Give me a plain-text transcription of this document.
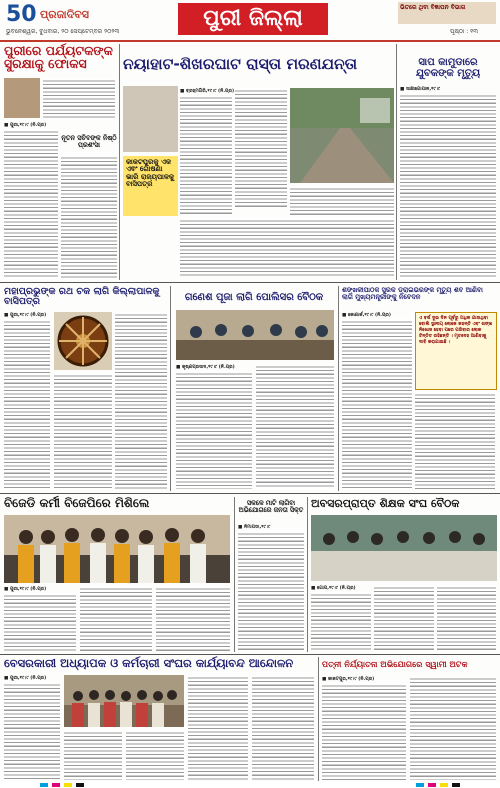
50 ପ୍ରଜାଦିବସ
ଭୁବନେଶ୍ୱର, ବୁଧବାର, ୨୦ ସେପ୍ଟେମ୍ବର ୨୦୨୩
ପୁରୀ ଜିଲ୍ଲା	ଭିତରେ ଥିବା ବିଜ୍ଞାପନ ବିଭାଗ
ପୃଷ୍ଠା : ୧୩
ପୁରୀରେ ପର୍ଯ୍ୟଟକଙ୍କ ସୁରକ୍ଷାକୁ ଫୋକସ
■ ପୁରୀ,୧୯।୯ (ନି.ପ୍ର)
ନୂତନ ସଚିବଙ୍କ ନିଷ୍ଠି ପ୍ରଶଂସା
ନୟାହାଟ-ଶିଖରଘାଟ ରାସ୍ତା ମରଣଯନ୍ତା
■ ବ୍ରହ୍ମଗିରି,୧୯।୯ (ନି.ପ୍ର)
କାକଟପୁରକୁ ଏକ ଏଵଂ ଗୋଷଣା ଭାରି ରାଜ୍ୟପାଳକୁ ବାସିପତ୍ର
ସାପ କାମୁଡାରେ ଯୁବକଙ୍କ ମୃତ୍ୟୁ
■ ସାକ୍ଷୀଗୋପାଳ,୧୯।୯
ମହାପ୍ରଭୁଙ୍କ ରଥ ଚକ ଲାଗି କିଲ୍ଲାପାଳକୁ ବାସିପତ୍ର
■ ପୁରୀ,୧୯।୯ (ନି.ପ୍ର)
ଗଣେଶ ପୂଜା ଲାଗି ପୋଲିସର ବୈଠକ
■ କୃଷ୍ଣପ୍ରସାଦ,୧୯।୯ (ନି.ପ୍ର)
ଶଙ୍ଖକୀପାଠକ ସୁରକ ଡ୍ରାଇଭରଙ୍କ ମୃତ୍ୟୁ ଶବ ଆଣିବା ଲାଗି ମୁଖ୍ୟମନ୍ତ୍ରୀଙ୍କୁ ନିବେଦନ
■ କୋଣାର୍କ,୧୯।୯ (ନି.ପ୍ର)
ଏ ବର୍ଷ ଦୁଇ ଦିନ ପୂର୍ବରୁ ଅଧିକ ଯାଉଥିବା ବୋଲି ସ୍ଥାନୀୟ ଲୋକେ କହନ୍ତି ଏବଂ ଶଙ୍ଖ ନିଖୋଜ ହେବା ପରେ ପରିବାର ଲୋକ ଚିନ୍ତିତ ରହିଛନ୍ତି । ମୃତଦେହ ଆଣିବାକୁ ଦାବି କରାଯାଇଛି ।
ବିଜେଡି କର୍ମୀ ବିଜେପିରେ ମିଶିଲେ
■ ପୁରୀ,୧୯।୯ (ନି.ପ୍ର)
ସକଳେ ମାଟି ଲାଗିବା ଅଭିଯୋଗରେ ଜନତା ସିକ୍ତ
■ ନିମାପଡା,୧୯।୯
ଅବସରପ୍ରାପ୍ତ ଶିକ୍ଷକ ସଂଘ ବୈଠକ
■ ଗୋପ,୧୯।୯ (ନି.ପ୍ର)
ବେସରକାରୀ ଅଧ୍ୟାପକ ଓ କର୍ମଚାରୀ ସଂଘର କାର୍ଯ୍ୟାବନ୍ଦ ଆନ୍ଦୋଳନ
■ ପୁରୀ,୧୯।୯ (ନି.ପ୍ର)
ପତ୍ନୀ ନିର୍ଯ୍ୟାତନା ଅଭିଯୋଗରେ ସ୍ୱାମୀ ଅଟକ
■ କାକଟପୁର,୧୯।୯ (ନି.ପ୍ର)
